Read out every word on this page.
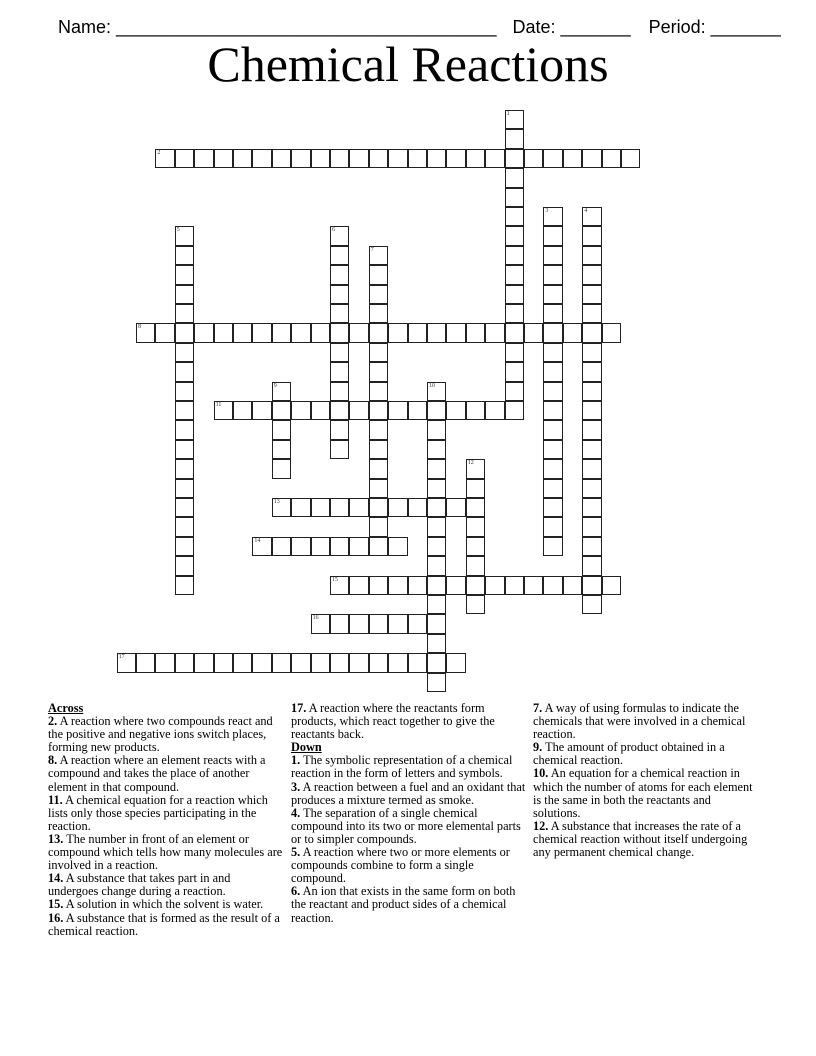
Name: ______________________________________ Date: _______ Period: _______

Chemical Reactions
1
2
3	4
5	6
7
8
9	10
11
12
13
14
15
16
17
Across
2. A reaction where two compounds react and the positive and negative ions switch places, forming new products.
8. A reaction where an element reacts with a compound and takes the place of another element in that compound.
11. A chemical equation for a reaction which lists only those species participating in the reaction.
13. The number in front of an element or compound which tells how many molecules are involved in a reaction.
14. A substance that takes part in and undergoes change during a reaction.
15. A solution in which the solvent is water.
16. A substance that is formed as the result of a chemical reaction.
17. A reaction where the reactants form products, which react together to give the reactants back.
Down
1. The symbolic representation of a chemical reaction in the form of letters and symbols.
3. A reaction between a fuel and an oxidant that produces a mixture termed as smoke.
4. The separation of a single chemical compound into its two or more elemental parts or to simpler compounds.
5. A reaction where two or more elements or compounds combine to form a single compound.
6. An ion that exists in the same form on both the reactant and product sides of a chemical reaction.
7. A way of using formulas to indicate the chemicals that were involved in a chemical reaction.
9. The amount of product obtained in a chemical reaction.
10. An equation for a chemical reaction in which the number of atoms for each element is the same in both the reactants and solutions.
12. A substance that increases the rate of a chemical reaction without itself undergoing any permanent chemical change.
